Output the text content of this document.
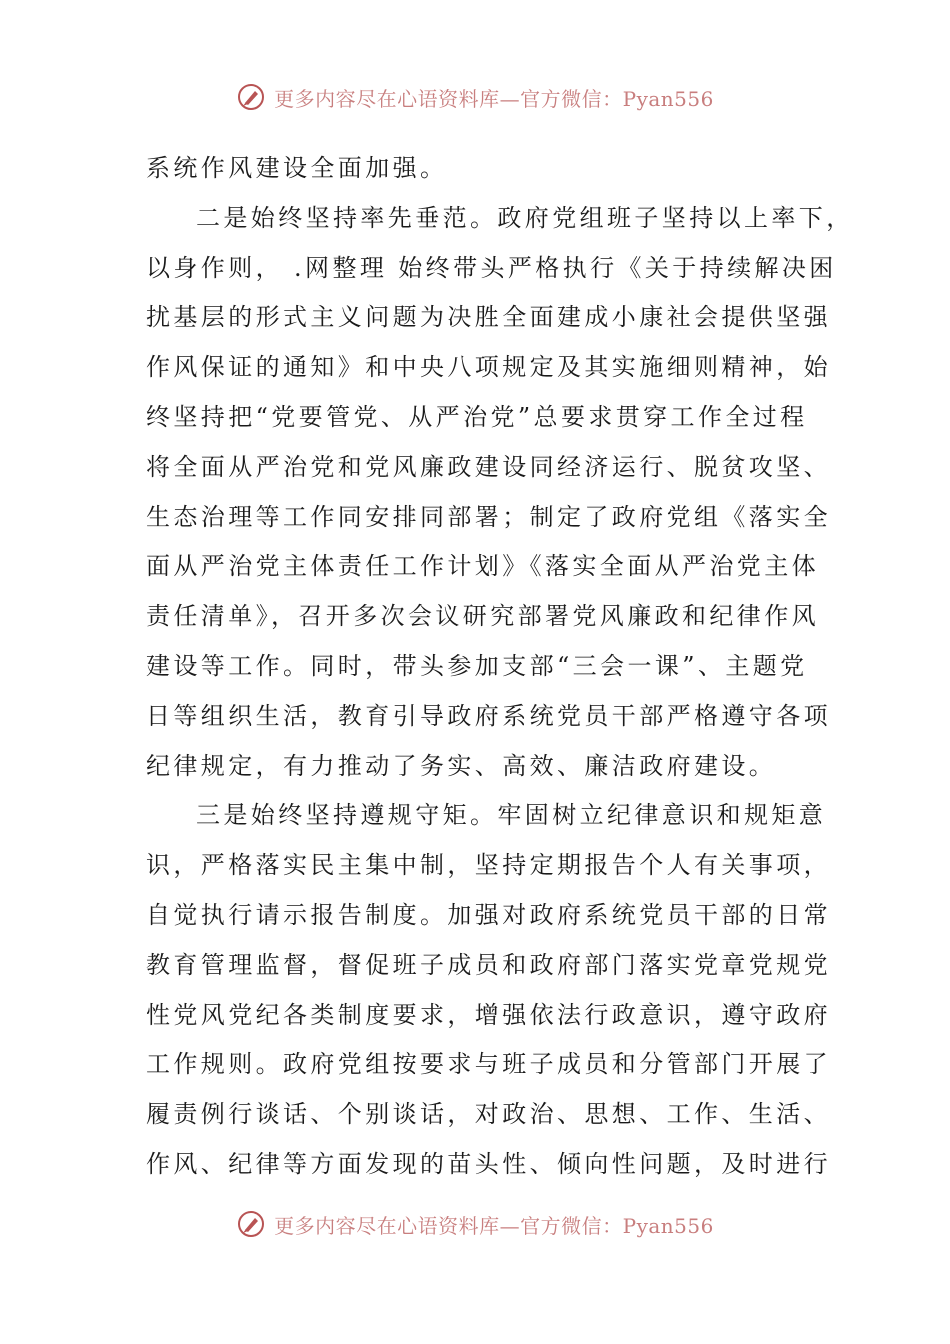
更多内容尽在心语资料库—官方微信：Pyan556
系统作风建设全面加强。
二是始终坚持率先垂范。政府党组班子坚持以上率下，
以身作则， .网整理 始终带头严格执行《关于持续解决困
扰基层的形式主义问题为决胜全面建成小康社会提供坚强
作风保证的通知》和中央八项规定及其实施细则精神，始
终坚持把“党要管党、从严治党”总要求贯穿工作全过程
将全面从严治党和党风廉政建设同经济运行、脱贫攻坚、
生态治理等工作同安排同部署；制定了政府党组《落实全
面从严治党主体责任工作计划》《落实全面从严治党主体
责任清单》，召开多次会议研究部署党风廉政和纪律作风
建设等工作。同时，带头参加支部“三会一课”、主题党
日等组织生活，教育引导政府系统党员干部严格遵守各项
纪律规定，有力推动了务实、高效、廉洁政府建设。
三是始终坚持遵规守矩。牢固树立纪律意识和规矩意
识，严格落实民主集中制，坚持定期报告个人有关事项，
自觉执行请示报告制度。加强对政府系统党员干部的日常
教育管理监督，督促班子成员和政府部门落实党章党规党
性党风党纪各类制度要求，增强依法行政意识，遵守政府
工作规则。政府党组按要求与班子成员和分管部门开展了
履责例行谈话、个别谈话，对政治、思想、工作、生活、
作风、纪律等方面发现的苗头性、倾向性问题，及时进行
更多内容尽在心语资料库—官方微信：Pyan556
